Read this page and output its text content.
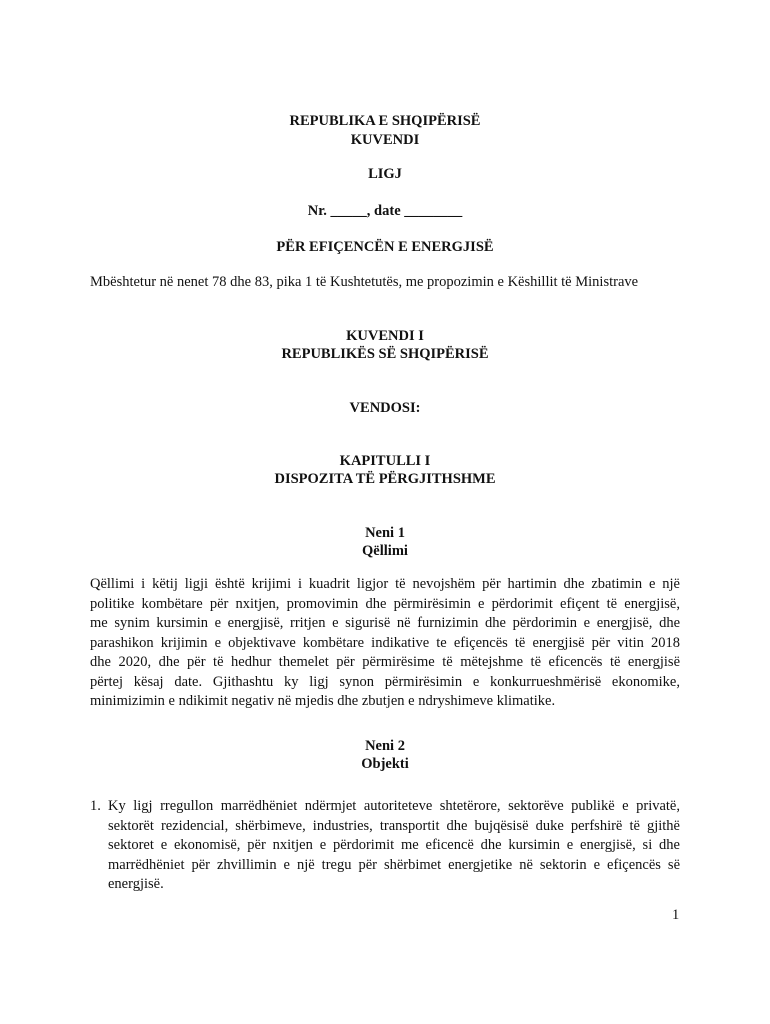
REPUBLIKA E SHQIPËRISË
KUVENDI
LIGJ
Nr. _____, date ________
PËR EFIÇENCËN E ENERGJISË
Mbështetur në nenet 78 dhe 83, pika 1 të Kushtetutës, me propozimin e Këshillit të Ministrave
KUVENDI I
REPUBLIKËS SË SHQIPËRISË
VENDOSI:
KAPITULLI I
DISPOZITA TË PËRGJITHSHME
Neni 1
Qëllimi
Qëllimi i këtij ligji është krijimi i kuadrit ligjor të nevojshëm për hartimin dhe zbatimin e një
politike kombëtare për nxitjen, promovimin dhe përmirësimin e përdorimit efiçent të energjisë,
me synim kursimin e energjisë, rritjen e sigurisë në furnizimin dhe përdorimin e energjisë, dhe
parashikon krijimin e objektivave kombëtare indikative te efiçencës të energjisë për vitin 2018
dhe 2020, dhe për të hedhur themelet për përmirësime të mëtejshme të eficencës të energjisë
përtej kësaj date. Gjithashtu ky ligj synon përmirësimin e konkurrueshmërisë ekonomike,
minimizimin e ndikimit negativ në mjedis dhe zbutjen e ndryshimeve klimatike.
Neni 2
Objekti
1. Ky ligj rregullon marrëdhëniet ndërmjet autoriteteve shtetërore, sektorëve publikë e privatë,
sektorët rezidencial, shërbimeve, industries, transportit dhe bujqësisë duke perfshirë të gjithë
sektoret e ekonomisë, për nxitjen e përdorimit me eficencë dhe kursimin e energjisë, si dhe
marrëdhëniet për zhvillimin e një tregu për shërbimet energjetike në sektorin e efiçencës së
energjisë.
1
